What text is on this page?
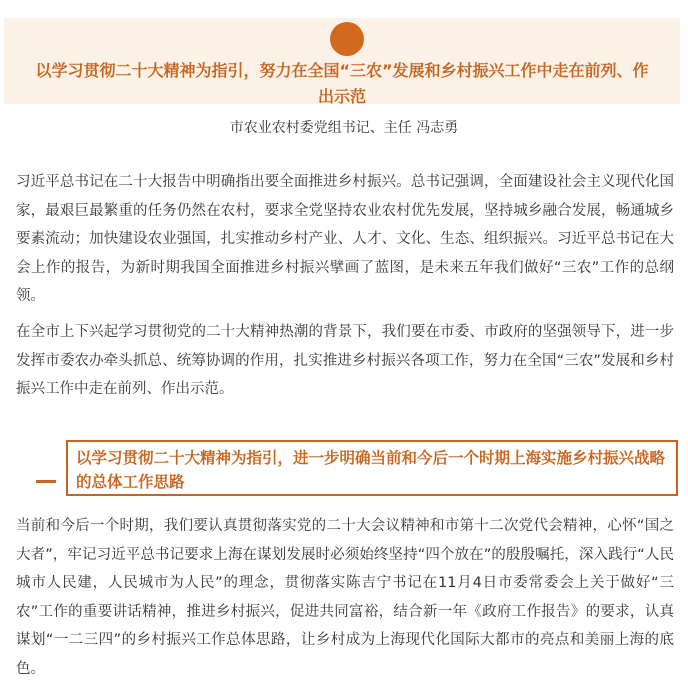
以学习贯彻二十大精神为指引，努力在全国“三农”发展和乡村振兴工作中走在前列、作出示范
市农业农村委党组书记、主任 冯志勇

习近平总书记在二十大报告中明确指出要全面推进乡村振兴。总书记强调，全面建设社会主义现代化国家，最艰巨最繁重的任务仍然在农村，要求全党坚持农业农村优先发展，坚持城乡融合发展，畅通城乡要素流动；加快建设农业强国，扎实推动乡村产业、人才、文化、生态、组织振兴。习近平总书记在大会上作的报告，为新时期我国全面推进乡村振兴擘画了蓝图，是未来五年我们做好“三农”工作的总纲领。

在全市上下兴起学习贯彻党的二十大精神热潮的背景下，我们要在市委、市政府的坚强领导下，进一步发挥市委农办牵头抓总、统筹协调的作用，扎实推进乡村振兴各项工作，努力在全国“三农”发展和乡村振兴工作中走在前列、作出示范。

以学习贯彻二十大精神为指引，进一步明确当前和今后一个时期上海实施乡村振兴战略的总体工作思路

当前和今后一个时期，我们要认真贯彻落实党的二十大会议精神和市第十二次党代会精神，心怀“国之大者”，牢记习近平总书记要求上海在谋划发展时必须始终坚持“四个放在”的殷殷嘱托，深入践行“人民城市人民建，人民城市为人民”的理念，贯彻落实陈吉宁书记在11月4日市委常委会上关于做好“三农”工作的重要讲话精神，推进乡村振兴，促进共同富裕，结合新一年《政府工作报告》的要求，认真谋划“一二三四”的乡村振兴工作总体思路，让乡村成为上海现代化国际大都市的亮点和美丽上海的底色。
